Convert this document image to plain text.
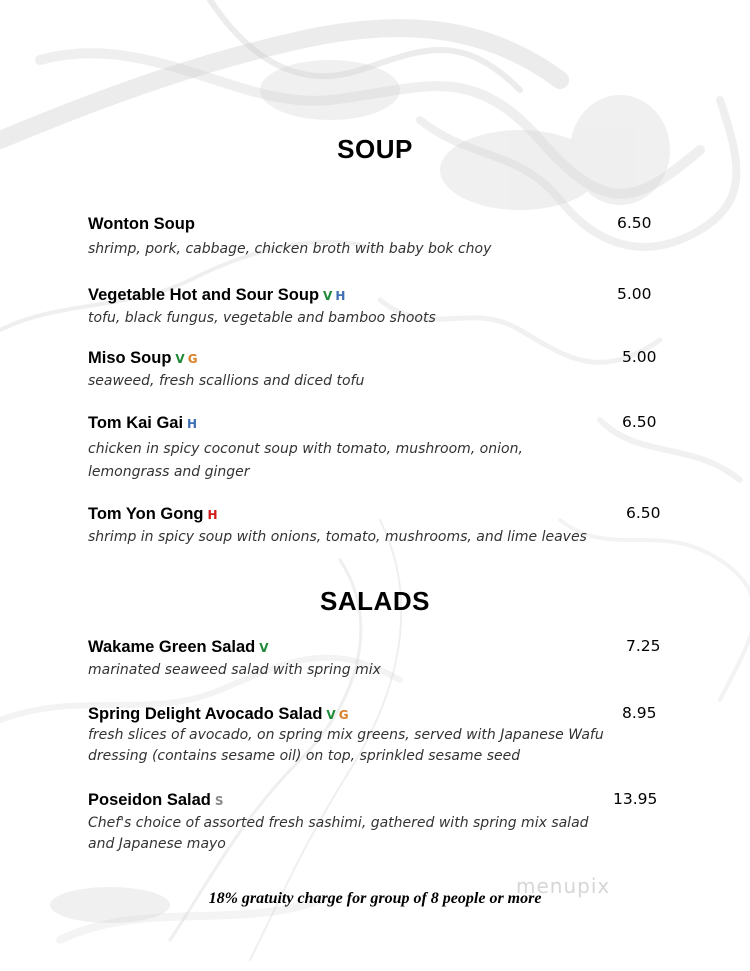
SOUP
Wonton Soup
shrimp, pork, cabbage, chicken broth with baby bok choy
6.50
Vegetable Hot and Sour Soup V H
tofu, black fungus, vegetable and bamboo shoots
5.00
Miso Soup V G
seaweed, fresh scallions and diced tofu
5.00
Tom Kai Gai H
chicken in spicy coconut soup with tomato, mushroom, onion, lemongrass and ginger
6.50
Tom Yon Gong H
shrimp in spicy soup with onions, tomato, mushrooms, and lime leaves
6.50
SALADS
Wakame Green Salad V
marinated seaweed salad with spring mix
7.25
Spring Delight Avocado Salad V G
fresh slices of avocado, on spring mix greens, served with Japanese Wafu dressing (contains sesame oil) on top, sprinkled sesame seed
8.95
Poseidon Salad S
Chef's choice of assorted fresh sashimi, gathered with spring mix salad and Japanese mayo
13.95
menupix
18% gratuity charge for group of 8 people or more
